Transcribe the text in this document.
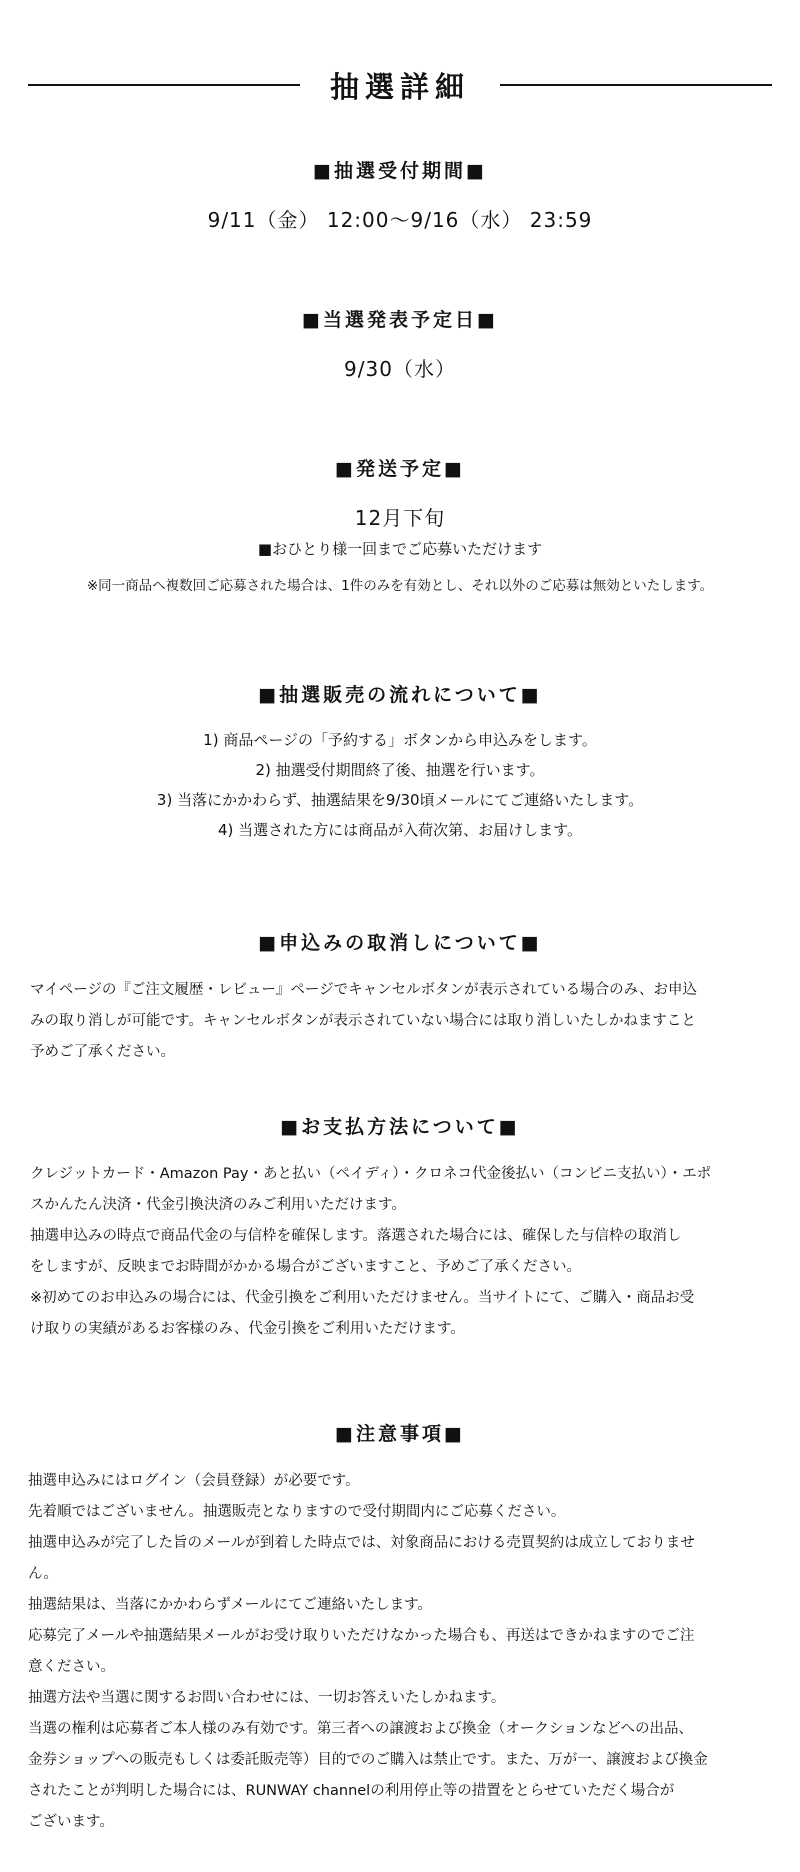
抽選詳細
■抽選受付期間■
9/11（金） 12:00～9/16（水） 23:59
■当選発表予定日■
9/30（水）
■発送予定■
12月下旬
■おひとり様一回までご応募いただけます
※同一商品へ複数回ご応募された場合は、1件のみを有効とし、それ以外のご応募は無効といたします。
■抽選販売の流れについて■
1) 商品ページの「予約する」ボタンから申込みをします。
2) 抽選受付期間終了後、抽選を行います。
3) 当落にかかわらず、抽選結果を9/30頃メールにてご連絡いたします。
4) 当選された方には商品が入荷次第、お届けします。
■申込みの取消しについて■
マイページの『ご注文履歴・レビュー』ページでキャンセルボタンが表示されている場合のみ、お申込
みの取り消しが可能です。キャンセルボタンが表示されていない場合には取り消しいたしかねますこと
予めご了承ください。
■お支払方法について■
クレジットカード・Amazon Pay・あと払い（ペイディ）・クロネコ代金後払い（コンビニ支払い）・エポ
スかんたん決済・代金引換決済のみご利用いただけます。
抽選申込みの時点で商品代金の与信枠を確保します。落選された場合には、確保した与信枠の取消し
をしますが、反映までお時間がかかる場合がございますこと、予めご了承ください。
※初めてのお申込みの場合には、代金引換をご利用いただけません。当サイトにて、ご購入・商品お受
け取りの実績があるお客様のみ、代金引換をご利用いただけます。
■注意事項■
抽選申込みにはログイン（会員登録）が必要です。
先着順ではございません。抽選販売となりますので受付期間内にご応募ください。
抽選申込みが完了した旨のメールが到着した時点では、対象商品における売買契約は成立しておりませ
ん。
抽選結果は、当落にかかわらずメールにてご連絡いたします。
応募完了メールや抽選結果メールがお受け取りいただけなかった場合も、再送はできかねますのでご注
意ください。
抽選方法や当選に関するお問い合わせには、一切お答えいたしかねます。
当選の権利は応募者ご本人様のみ有効です。第三者への譲渡および換金（オークションなどへの出品、
金券ショップへの販売もしくは委託販売等）目的でのご購入は禁止です。また、万が一、譲渡および換金
されたことが判明した場合には、RUNWAY channelの利用停止等の措置をとらせていただく場合が
ございます。
